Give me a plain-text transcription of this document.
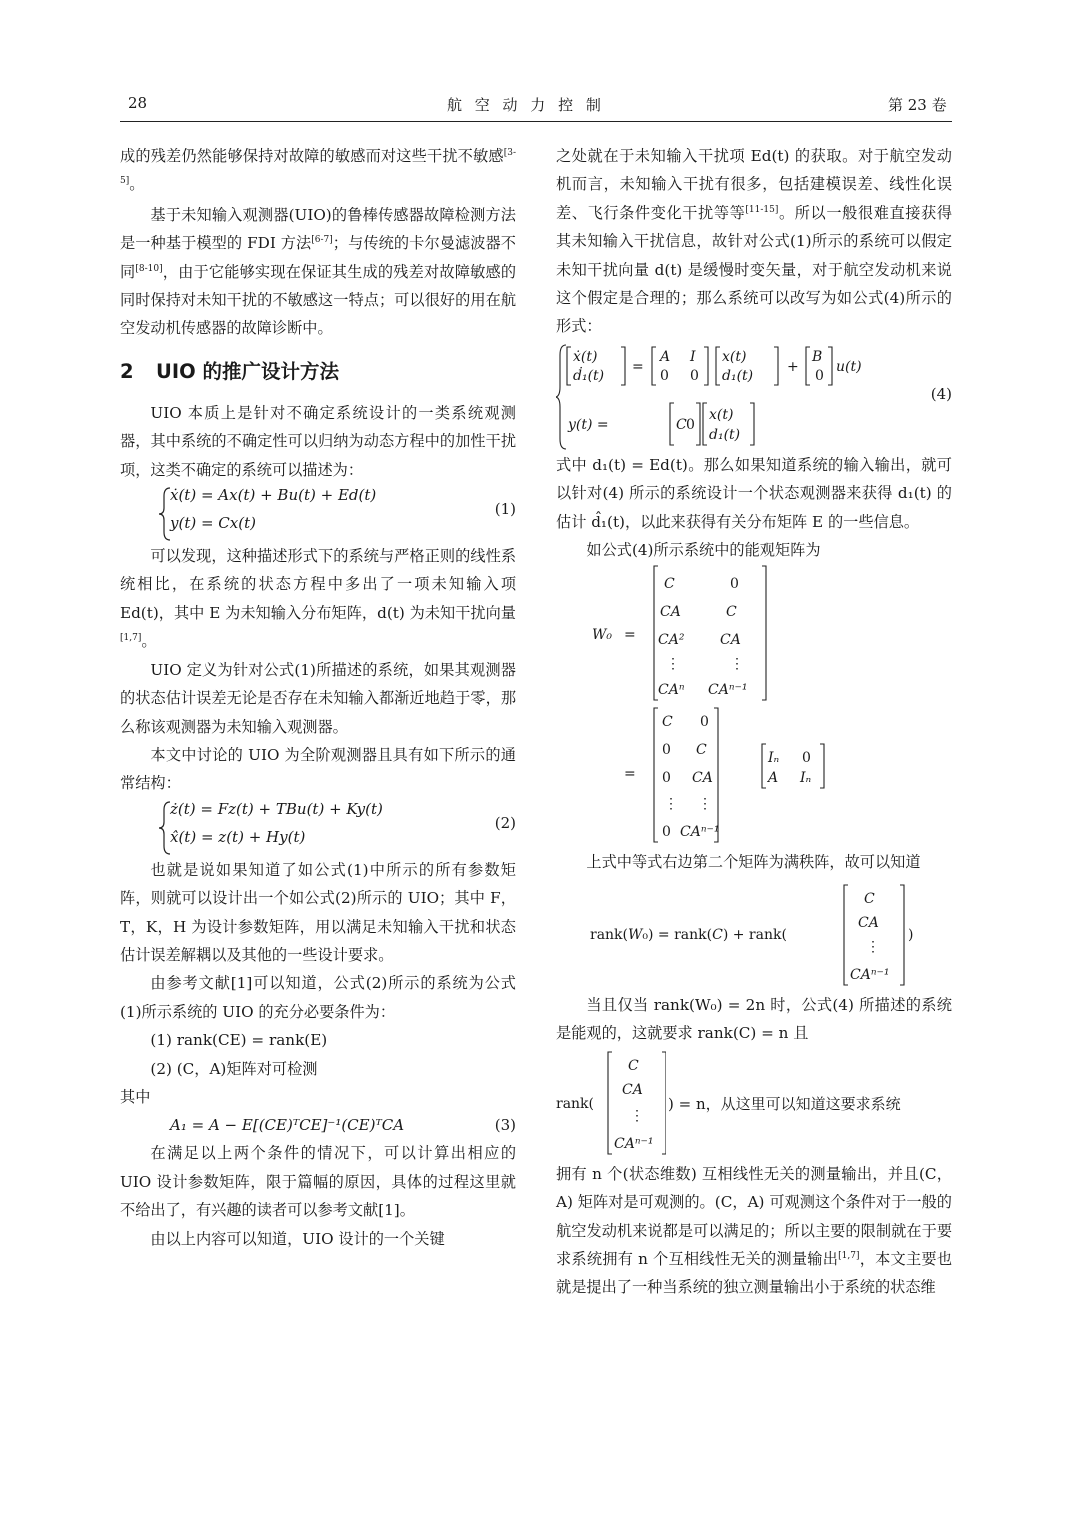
28	航 空 动 力 控 制	第 23 卷

成的残差仍然能够保持对故障的敏感而对这些干扰不敏感[3-5]。

基于未知输入观测器(UIO)的鲁棒传感器故障检测方法是一种基于模型的 FDI 方法[6-7]；与传统的卡尔曼滤波器不同[8-10]，由于它能够实现在保证其生成的残差对故障敏感的同时保持对未知干扰的不敏感这一特点；可以很好的用在航空发动机传感器的故障诊断中。

2 UIO 的推广设计方法

UIO 本质上是针对不确定系统设计的一类系统观测器，其中系统的不确定性可以归纳为动态方程中的加性干扰项，这类不确定的系统可以描述为：

ẋ(t) = Ax(t) + Bu(t) + Ed(t)
y(t) = Cx(t)
(1)

可以发现，这种描述形式下的系统与严格正则的线性系统相比，在系统的状态方程中多出了一项未知输入项 Ed(t)，其中 E 为未知输入分布矩阵，d(t) 为未知干扰向量[1,7]。

UIO 定义为针对公式(1)所描述的系统，如果其观测器的状态估计误差无论是否存在未知输入都渐近地趋于零，那么称该观测器为未知输入观测器。

本文中讨论的 UIO 为全阶观测器且具有如下所示的通常结构：

ż(t) = Fz(t) + TBu(t) + Ky(t)
x̂(t) = z(t) + Hy(t)
(2)

也就是说如果知道了如公式(1)中所示的所有参数矩阵，则就可以设计出一个如公式(2)所示的 UIO；其中 F，T，K，H 为设计参数矩阵，用以满足未知输入干扰和状态估计误差解耦以及其他的一些设计要求。

由参考文献[1]可以知道，公式(2)所示的系统为公式(1)所示系统的 UIO 的充分必要条件为：

(1) rank(CE) = rank(E)

(2) (C，A)矩阵对可检测

其中

A₁ = A − E[(CE)ᵀCE]⁻¹(CE)ᵀCA	(3)

在满足以上两个条件的情况下，可以计算出相应的 UIO 设计参数矩阵，限于篇幅的原因，具体的过程这里就不给出了，有兴趣的读者可以参考文献[1]。

由以上内容可以知道，UIO 设计的一个关键

之处就在于未知输入干扰项 Ed(t) 的获取。对于航空发动机而言，未知输入干扰有很多，包括建模误差、线性化误差、飞行条件变化干扰等等[11-15]。所以一般很难直接获得其未知输入干扰信息，故针对公式(1)所示的系统可以假定未知干扰向量 d(t) 是缓慢时变矢量，对于航空发动机来说这个假定是合理的；那么系统可以改写为如公式(4)所示的形式：

ẋ(t)
ḋ₁(t)
=
A I
0 0
x(t)
d₁(t)
+
B
0
u(t)
y(t) =	C 0
x(t)
d₁(t)
(4)

式中 d₁(t) = Ed(t)。那么如果知道系统的输入输出，就可以针对(4) 所示的系统设计一个状态观测器来获得 d₁(t) 的估计 d̂₁(t)，以此来获得有关分布矩阵 E 的一些信息。

如公式(4)所示系统中的能观矩阵为

W₀ =
C	0
CA	C
CA²	CA
⋮	⋮
CAⁿ CAⁿ⁻¹
=
C 0
0 C
0 CA
⋮ ⋮
0 CAⁿ⁻¹
Iₙ 0
A Iₙ

上式中等式右边第二个矩阵为满秩阵，故可以知道

rank(W₀) = rank(C) + rank(
C
CA
⋮
CAⁿ⁻¹
)

当且仅当 rank(W₀) = 2n 时，公式(4) 所描述的系统是能观的，这就要求 rank(C) = n 且

rank(
C
CA
⋮
CAⁿ⁻¹
) = n，从这里可以知道这要求系统

拥有 n 个(状态维数) 互相线性无关的测量输出，并且(C，A) 矩阵对是可观测的。(C，A) 可观测这个条件对于一般的航空发动机来说都是可以满足的；所以主要的限制就在于要求系统拥有 n 个互相线性无关的测量输出[1,7]，本文主要也就是提出了一种当系统的独立测量输出小于系统的状态维
